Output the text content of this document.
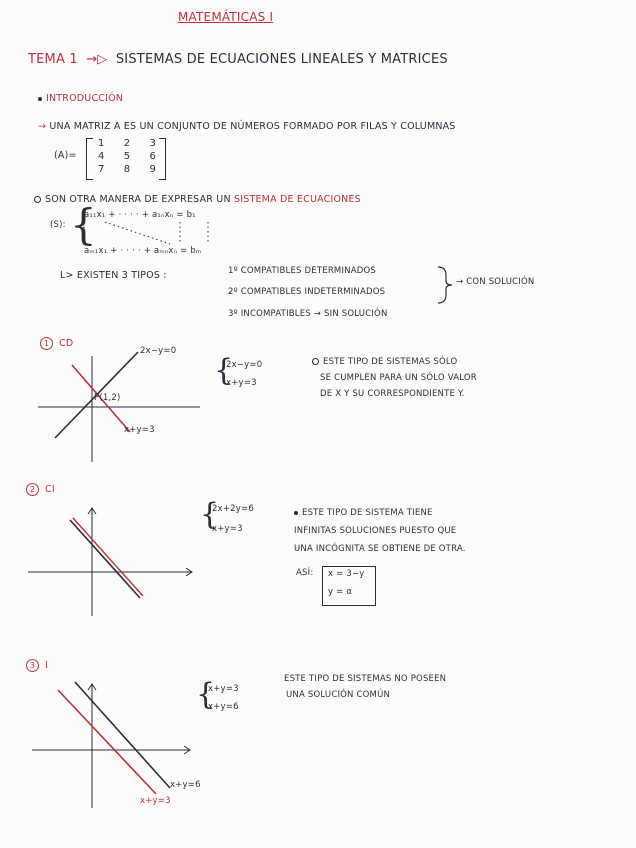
MATEMÁTICAS I
TEMA 1 →▷ SISTEMAS DE ECUACIONES LINEALES Y MATRICES
INTRODUCCIÓN
→ UNA MATRIZ A ES UN CONJUNTO DE NÚMEROS FORMADO POR FILAS Y COLUMNAS
(A)=
1 2 3
4 5 6
7 8 9
SON OTRA MANERA DE EXPRESAR UN SISTEMA DE ECUACIONES
(S): {
a₁₁x₁ + · · · · + a₁ₙxₙ = b₁
aₘ₁x₁ + · · · · + aₘₙxₙ = bₘ
L> EXISTEN 3 TIPOS :	1º COMPATIBLES DETERMINADOS
2º COMPATIBLES INDETERMINADOS
→ CON SOLUCIÓN
3º INCOMPATIBLES → SIN SOLUCIÓN
1 CD
2x−y=0
P(1,2)
x+y=3
{
2x−y=0
x+y=3
ESTE TIPO DE SISTEMAS SÓLO
SE CUMPLEN PARA UN SÓLO VALOR
DE X Y SU CORRESPONDIENTE Y.
2 CI
{
2x+2y=6
x+y=3
ESTE TIPO DE SISTEMA TIENE
INFINITAS SOLUCIONES PUESTO QUE
UNA INCÓGNITA SE OBTIENE DE OTRA.
ASÍ: x = 3−y
y = α
3 I
{
x+y=3
x+y=6
ESTE TIPO DE SISTEMAS NO POSEEN
UNA SOLUCIÓN COMÚN
x+y=6
x+y=3
